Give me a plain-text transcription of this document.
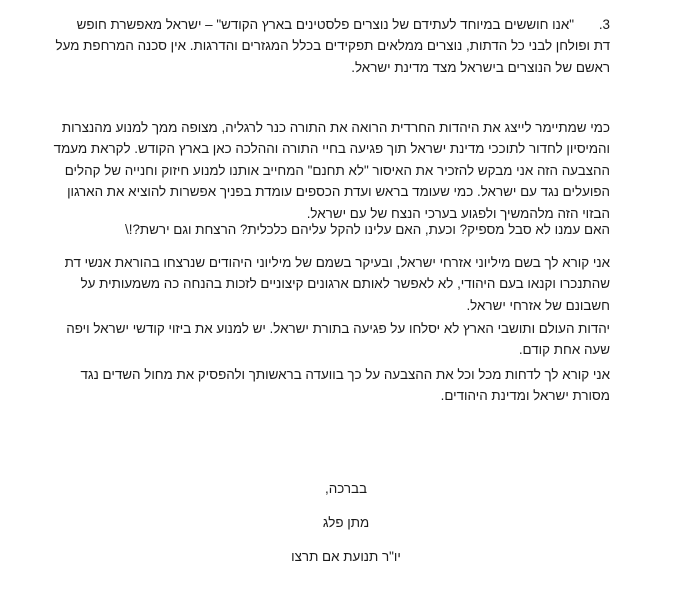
3."אנו חוששים במיוחד לעתידם של נוצרים פלסטינים בארץ הקודש" – ישראל מאפשרת חופש
דת ופולחן לבני כל הדתות, נוצרים ממלאים תפקידים בכלל המגזרים והדרגות. אין סכנה המרחפת מעל
ראשם של הנוצרים בישראל מצד מדינת ישראל.
כמי שמתיימר לייצג את היהדות החרדית הרואה את התורה כנר לרגליה, מצופה ממך למנוע מהנצרות
והמיסיון לחדור לתוככי מדינת ישראל תוך פגיעה בחיי התורה וההלכה כאן בארץ הקודש. לקראת מעמד
ההצבעה הזה אני מבקש להזכיר את האיסור "לא תחנם" המחייב אותנו למנוע חיזוק וחנייה של קהלים
הפועלים נגד עם ישראל. כמי שעומד בראש ועדת הכספים עומדת בפניך אפשרות להוציא את הארגון
הבזוי הזה מלהמשיך ולפגוע בערכי הנצח של עם ישראל.
האם עמנו לא סבל מספיק? וכעת, האם עלינו להקל עליהם כלכלית? הרצחת וגם ירשת?!\
אני קורא לך בשם מיליוני אזרחי ישראל, ובעיקר בשמם של מיליוני היהודים שנרצחו בהוראת אנשי דת
שהתנכרו וקנאו בעם היהודי, לא לאפשר לאותם ארגונים קיצוניים לזכות בהנחה כה משמעותית על
חשבונם של אזרחי ישראל.
יהדות העולם ותושבי הארץ לא יסלחו על פגיעה בתורת ישראל. יש למנוע את ביזוי קודשי ישראל ויפה
שעה אחת קודם.
אני קורא לך לדחות מכל וכל את ההצבעה על כך בוועדה בראשותך ולהפסיק את מחול השדים נגד
מסורת ישראל ומדינת היהודים.
בברכה,
מתן פלג
יו"ר תנועת אם תרצו
